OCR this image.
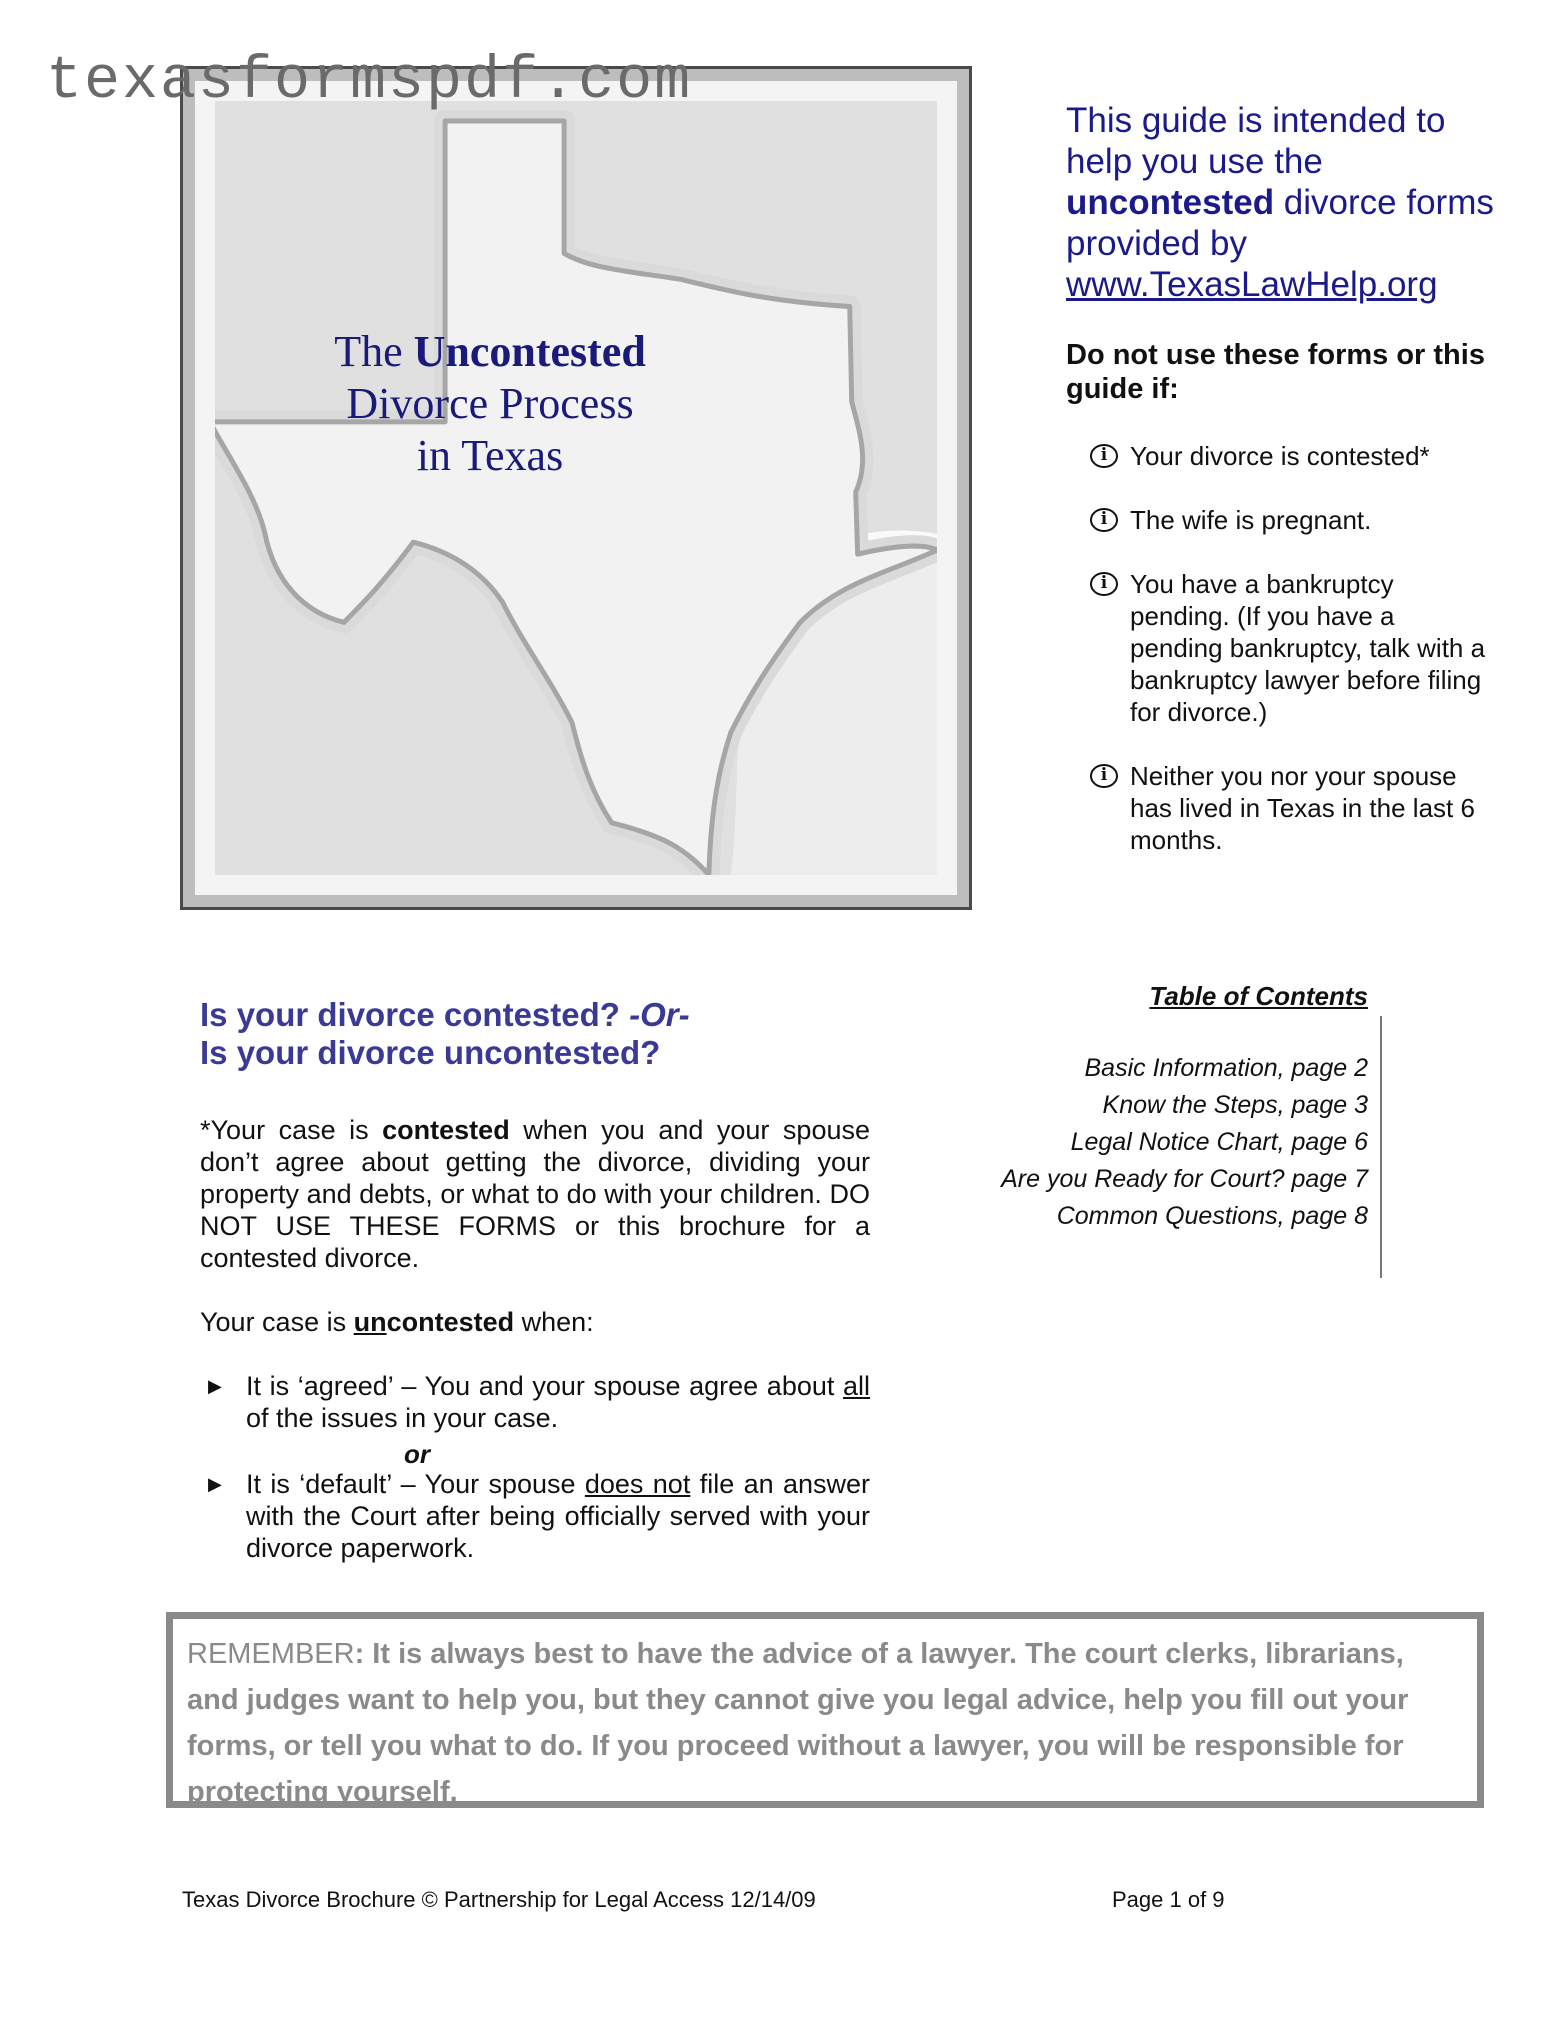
texasformspdf.com
The Uncontested
Divorce Process
in Texas
This guide is intended to help you use the uncontested divorce forms provided by
www.TexasLawHelp.org
Do not use these forms or this guide if:
i Your divorce is contested*
i The wife is pregnant.
i You have a bankruptcy pending. (If you have a pending bankruptcy, talk with a bankruptcy lawyer before filing for divorce.)
i Neither you nor your spouse has lived in Texas in the last 6 months.
Is your divorce contested? -Or-
Is your divorce uncontested?
*Your case is contested when you and your spouse don’t agree about getting the divorce, dividing your property and debts, or what to do with your children. DO NOT USE THESE FORMS or this brochure for a contested divorce.
Your case is uncontested when:
▶ It is ‘agreed’ – You and your spouse agree about all of the issues in your case.
or
▶ It is ‘default’ – Your spouse does not file an answer with the Court after being officially served with your divorce paperwork.
Table of Contents
Basic Information, page 2
Know the Steps, page 3
Legal Notice Chart, page 6
Are you Ready for Court? page 7
Common Questions, page 8
REMEMBER: It is always best to have the advice of a lawyer. The court clerks, librarians, and judges want to help you, but they cannot give you legal advice, help you fill out your forms, or tell you what to do. If you proceed without a lawyer, you will be responsible for protecting yourself.
Texas Divorce Brochure © Partnership for Legal Access 12/14/09	Page 1 of 9
